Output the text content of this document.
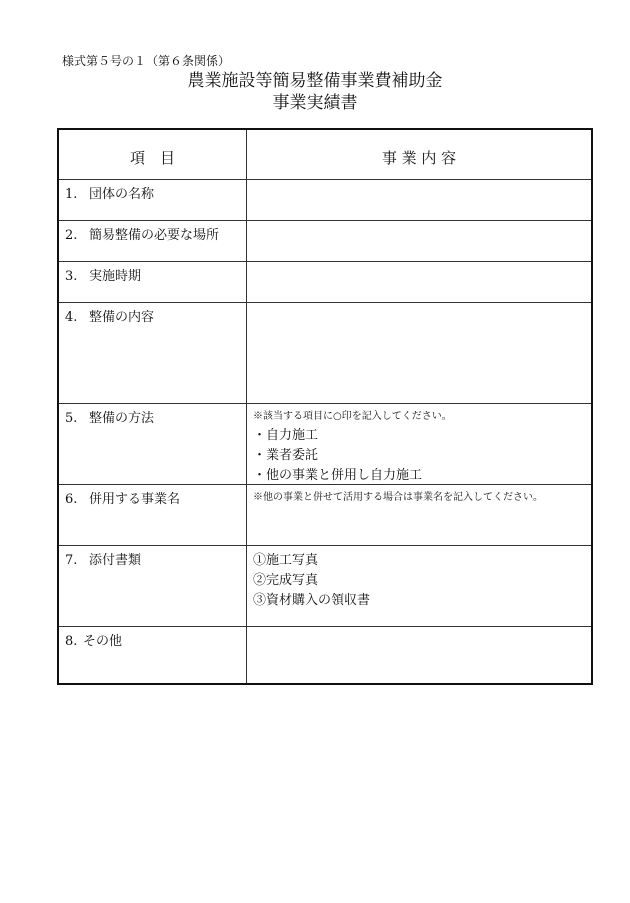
様式第５号の１（第６条関係）
農業施設等簡易整備事業費補助金
事業実績書
項　目	事 業 内 容
1. 団体の名称
2. 簡易整備の必要な場所
3. 実施時期
4. 整備の内容
5. 整備の方法	※該当する項目に○印を記入してください。
・自力施工
・業者委託
・他の事業と併用し自力施工
6. 併用する事業名	※他の事業と併せて活用する場合は事業名を記入してください。
7. 添付書類	①施工写真
②完成写真
③資材購入の領収書
8. その他
